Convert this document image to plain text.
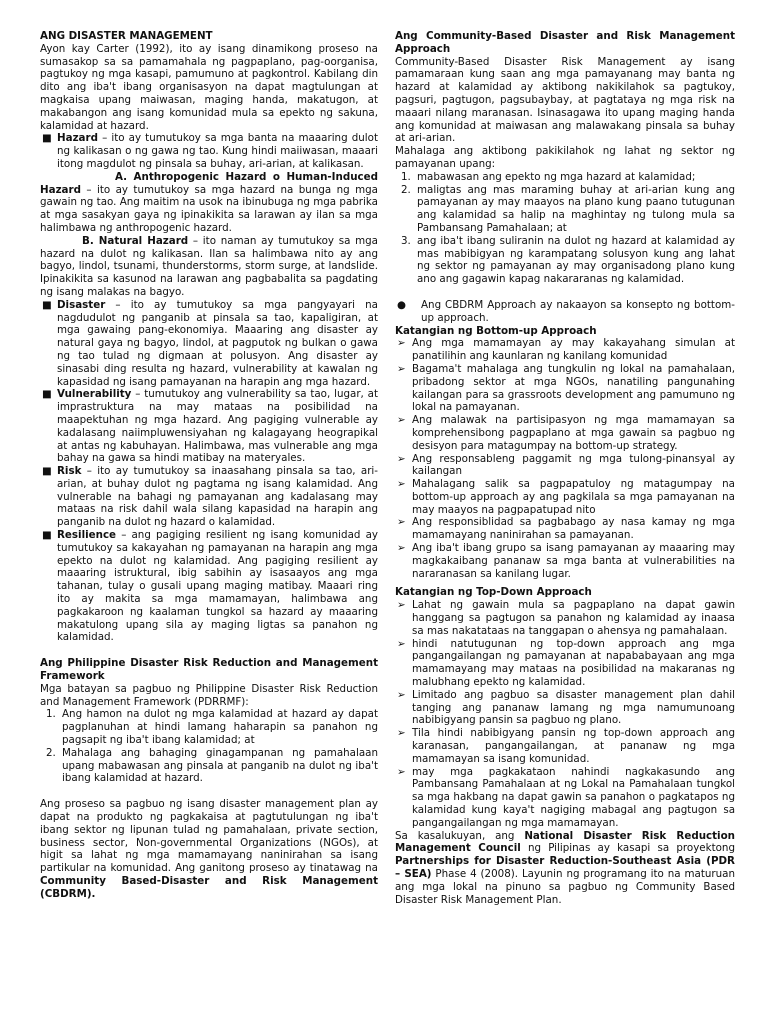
ANG DISASTER MANAGEMENT

Ayon kay Carter (1992), ito ay isang dinamikong proseso na sumasakop sa sa pamamahala ng pagpaplano, pag-oorganisa, pagtukoy ng mga kasapi, pamumuno at pagkontrol. Kabilang din dito ang iba't ibang organisasyon na dapat magtulungan at magkaisa upang maiwasan, maging handa, makatugon, at makabangon ang isang komunidad mula sa epekto ng sakuna, kalamidad at hazard.

■ Hazard – ito ay tumutukoy sa mga banta na maaaring dulot ng kalikasan o ng gawa ng tao. Kung hindi maiiwasan, maaari itong magdulot ng pinsala sa buhay, ari-arian, at kalikasan.

A. Anthropogenic Hazard o Human-Induced Hazard – ito ay tumutukoy sa mga hazard na bunga ng mga gawain ng tao. Ang maitim na usok na ibinubuga ng mga pabrika at mga sasakyan gaya ng ipinakikita sa larawan ay ilan sa mga halimbawa ng anthropogenic hazard.

B. Natural Hazard – ito naman ay tumutukoy sa mga hazard na dulot ng kalikasan. Ilan sa halimbawa nito ay ang bagyo, lindol, tsunami, thunderstorms, storm surge, at landslide. Ipinakikita sa kasunod na larawan ang pagbabalita sa pagdating ng isang malakas na bagyo.

■ Disaster – ito ay tumutukoy sa mga pangyayari na nagdudulot ng panganib at pinsala sa tao, kapaligiran, at mga gawaing pang-ekonomiya. Maaaring ang disaster ay natural gaya ng bagyo, lindol, at pagputok ng bulkan o gawa ng tao tulad ng digmaan at polusyon. Ang disaster ay sinasabi ding resulta ng hazard, vulnerability at kawalan ng kapasidad ng isang pamayanan na harapin ang mga hazard.
■ Vulnerability – tumutukoy ang vulnerability sa tao, lugar, at imprastruktura na may mataas na posibilidad na maapektuhan ng mga hazard. Ang pagiging vulnerable ay kadalasang naiimpluwensiyahan ng kalagayang heograpikal at antas ng kabuhayan. Halimbawa, mas vulnerable ang mga bahay na gawa sa hindi matibay na materyales.
■ Risk – ito ay tumutukoy sa inaasahang pinsala sa tao, ari-arian, at buhay dulot ng pagtama ng isang kalamidad. Ang vulnerable na bahagi ng pamayanan ang kadalasang may mataas na risk dahil wala silang kapasidad na harapin ang panganib na dulot ng hazard o kalamidad.
■ Resilience – ang pagiging resilient ng isang komunidad ay tumutukoy sa kakayahan ng pamayanan na harapin ang mga epekto na dulot ng kalamidad. Ang pagiging resilient ay maaaring istruktural, ibig sabihin ay isasaayos ang mga tahanan, tulay o gusali upang maging matibay. Maaari ring ito ay makita sa mga mamamayan, halimbawa ang pagkakaroon ng kaalaman tungkol sa hazard ay maaaring makatulong upang sila ay maging ligtas sa panahon ng kalamidad.

Ang Philippine Disaster Risk Reduction and Management Framework

Mga batayan sa pagbuo ng Philippine Disaster Risk Reduction and Management Framework (PDRRMF):

1. Ang hamon na dulot ng mga kalamidad at hazard ay dapat pagplanuhan at hindi lamang haharapin sa panahon ng pagsapit ng iba't ibang kalamidad; at
2. Mahalaga ang bahaging ginagampanan ng pamahalaan upang mabawasan ang pinsala at panganib na dulot ng iba't ibang kalamidad at hazard.

Ang proseso sa pagbuo ng isang disaster management plan ay dapat na produkto ng pagkakaisa at pagtutulungan ng iba't ibang sektor ng lipunan tulad ng pamahalaan, private section, business sector, Non-governmental Organizations (NGOs), at higit sa lahat ng mga mamamayang naninirahan sa isang partikular na komunidad. Ang ganitong proseso ay tinatawag na Community Based-Disaster and Risk Management (CBDRM).

Ang Community-Based Disaster and Risk Management Approach

Community-Based Disaster Risk Management ay isang pamamaraan kung saan ang mga pamayanang may banta ng hazard at kalamidad ay aktibong nakikilahok sa pagtukoy, pagsuri, pagtugon, pagsubaybay, at pagtataya ng mga risk na maaari nilang maranasan. Isinasagawa ito upang maging handa ang komunidad at maiwasan ang malawakang pinsala sa buhay at ari-arian.

Mahalaga ang aktibong pakikilahok ng lahat ng sektor ng pamayanan upang:

1. mabawasan ang epekto ng mga hazard at kalamidad;
2. maligtas ang mas maraming buhay at ari-arian kung ang pamayanan ay may maayos na plano kung paano tutugunan ang kalamidad sa halip na maghintay ng tulong mula sa Pambansang Pamahalaan; at
3. ang iba't ibang suliranin na dulot ng hazard at kalamidad ay mas mabibigyan ng karampatang solusyon kung ang lahat ng sektor ng pamayanan ay may organisadong plano kung ano ang gagawin kapag nakararanas ng kalamidad.
● Ang CBDRM Approach ay nakaayon sa konsepto ng bottom-up approach.

Katangian ng Bottom-up Approach

➢ Ang mga mamamayan ay may kakayahang simulan at panatilihin ang kaunlaran ng kanilang komunidad
➢ Bagama't mahalaga ang tungkulin ng lokal na pamahalaan, pribadong sektor at mga NGOs, nanatiling pangunahing kailangan para sa grassroots development ang pamumuno ng lokal na pamayanan.
➢ Ang malawak na partisipasyon ng mga mamamayan sa komprehensibong pagpaplano at mga gawain sa pagbuo ng desisyon para matagumpay na bottom-up strategy.
➢ Ang responsableng paggamit ng mga tulong-pinansyal ay kailangan
➢ Mahalagang salik sa pagpapatuloy ng matagumpay na bottom-up approach ay ang pagkilala sa mga pamayanan na may maayos na pagpapatupad nito
➢ Ang responsiblidad sa pagbabago ay nasa kamay ng mga mamamayang naninirahan sa pamayanan.
➢ Ang iba't ibang grupo sa isang pamayanan ay maaaring may magkakaibang pananaw sa mga banta at vulnerabilities na nararanasan sa kanilang lugar.

Katangian ng Top-Down Approach

➢ Lahat ng gawain mula sa pagpaplano na dapat gawin hanggang sa pagtugon sa panahon ng kalamidad ay inaasa sa mas nakatataas na tanggapan o ahensya ng pamahalaan.
➢ hindi natutugunan ng top-down approach ang mga pangangailangan ng pamayanan at napababayaan ang mga mamamayang may mataas na posibilidad na makaranas ng malubhang epekto ng kalamidad.
➢ Limitado ang pagbuo sa disaster management plan dahil tanging ang pananaw lamang ng mga namumunoang nabibigyang pansin sa pagbuo ng plano.
➢ Tila hindi nabibigyang pansin ng top-down approach ang karanasan, pangangailangan, at pananaw ng mga mamamayan sa isang komunidad.
➢ may mga pagkakataon nahindi nagkakasundo ang Pambansang Pamahalaan at ng Lokal na Pamahalaan tungkol sa mga hakbang na dapat gawin sa panahon o pagkatapos ng kalamidad kung kaya't nagiging mabagal ang pagtugon sa pangangailangan ng mga mamamayan.

Sa kasalukuyan, ang National Disaster Risk Reduction Management Council ng Pilipinas ay kasapi sa proyektong Partnerships for Disaster Reduction-Southeast Asia (PDR – SEA) Phase 4 (2008). Layunin ng programang ito na maturuan ang mga lokal na pinuno sa pagbuo ng Community Based Disaster Risk Management Plan.
